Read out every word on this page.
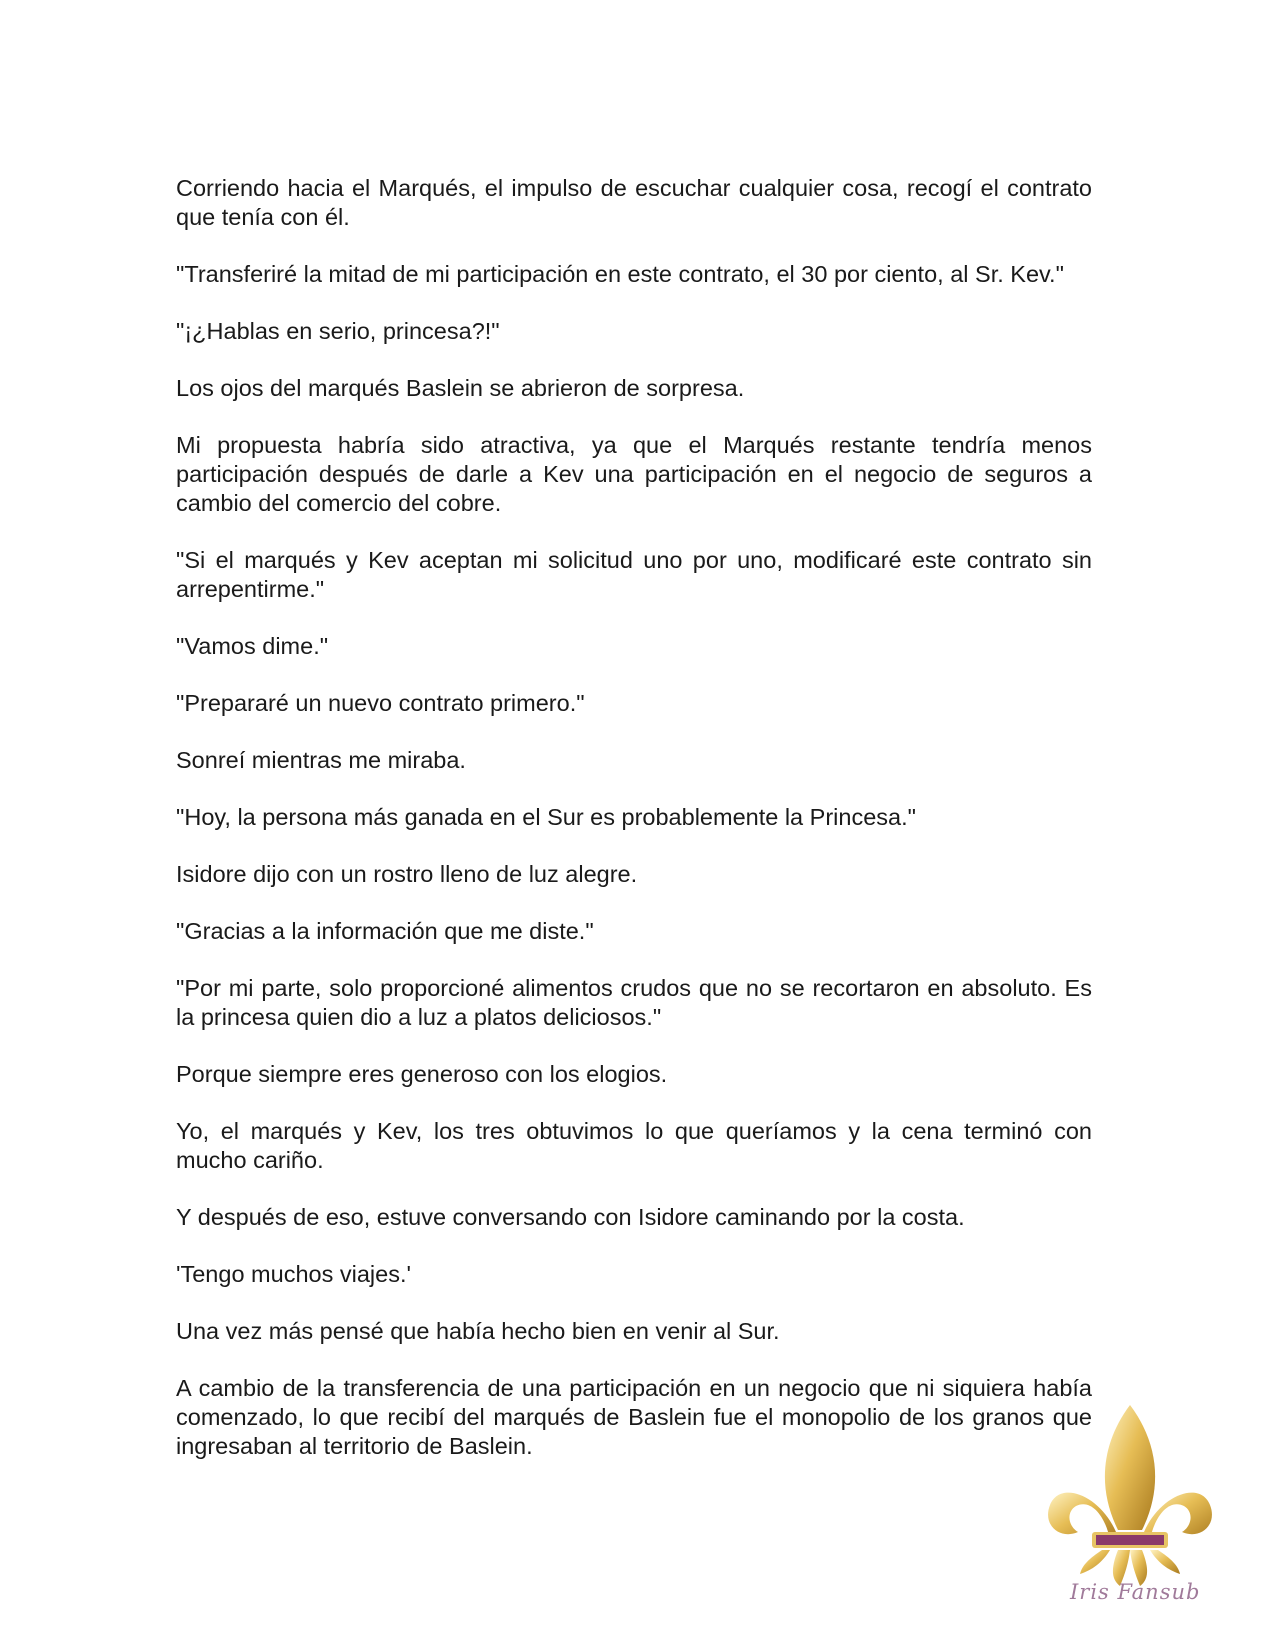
Corriendo hacia el Marqués, el impulso de escuchar cualquier cosa, recogí el contrato que tenía con él.

"Transferiré la mitad de mi participación en este contrato, el 30 por ciento, al Sr. Kev."

"¡¿Hablas en serio, princesa?!"

Los ojos del marqués Baslein se abrieron de sorpresa.

Mi propuesta habría sido atractiva, ya que el Marqués restante tendría menos participación después de darle a Kev una participación en el negocio de seguros a cambio del comercio del cobre.

"Si el marqués y Kev aceptan mi solicitud uno por uno, modificaré este contrato sin arrepentirme."

"Vamos dime."

"Prepararé un nuevo contrato primero."

Sonreí mientras me miraba.

"Hoy, la persona más ganada en el Sur es probablemente la Princesa."

Isidore dijo con un rostro lleno de luz alegre.

"Gracias a la información que me diste."

"Por mi parte, solo proporcioné alimentos crudos que no se recortaron en absoluto. Es la princesa quien dio a luz a platos deliciosos."

Porque siempre eres generoso con los elogios.

Yo, el marqués y Kev, los tres obtuvimos lo que queríamos y la cena terminó con mucho cariño.

Y después de eso, estuve conversando con Isidore caminando por la costa.

'Tengo muchos viajes.'

Una vez más pensé que había hecho bien en venir al Sur.

A cambio de la transferencia de una participación en un negocio que ni siquiera había comenzado, lo que recibí del marqués de Baslein fue el monopolio de los granos que ingresaban al territorio de Baslein.

Iris Fansub
